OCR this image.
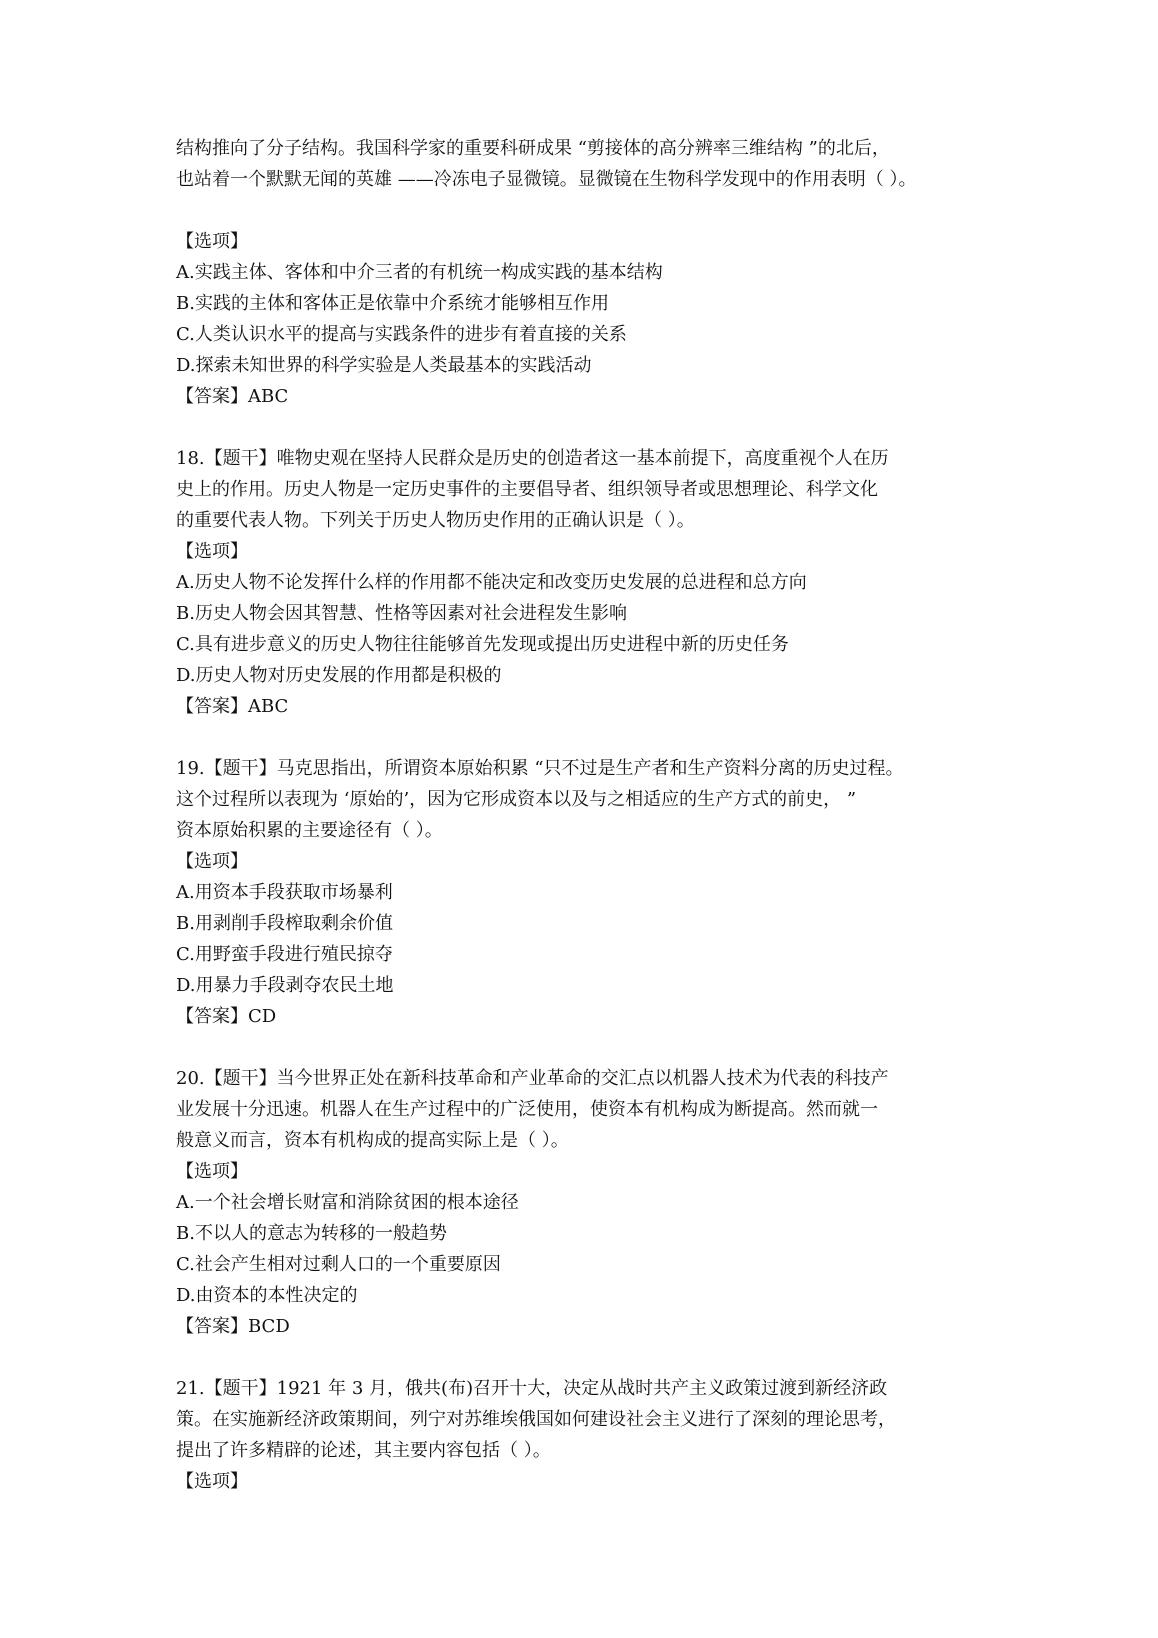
结构推向了分子结构。我国科学家的重要科研成果 “剪接体的高分辨率三维结构 ”的北后，
也站着一个默默无闻的英雄 ——冷冻电子显微镜。显微镜在生物科学发现中的作用表明（ ）。
【选项】
A.实践主体、客体和中介三者的有机统一构成实践的基本结构
B.实践的主体和客体正是依靠中介系统才能够相互作用
C.人类认识水平的提高与实践条件的进步有着直接的关系
D.探索未知世界的科学实验是人类最基本的实践活动
【答案】ABC
18.【题干】唯物史观在坚持人民群众是历史的创造者这一基本前提下，高度重视个人在历
史上的作用。历史人物是一定历史事件的主要倡导者、组织领导者或思想理论、科学文化
的重要代表人物。下列关于历史人物历史作用的正确认识是（ ）。
【选项】
A.历史人物不论发挥什么样的作用都不能决定和改变历史发展的总进程和总方向
B.历史人物会因其智慧、性格等因素对社会进程发生影响
C.具有进步意义的历史人物往往能够首先发现或提出历史进程中新的历史任务
D.历史人物对历史发展的作用都是积极的
【答案】ABC
19.【题干】马克思指出，所谓资本原始积累 “只不过是生产者和生产资料分离的历史过程。
这个过程所以表现为 ‘原始的’，因为它形成资本以及与之相适应的生产方式的前史， ”
资本原始积累的主要途径有（ ）。
【选项】
A.用资本手段获取市场暴利
B.用剥削手段榨取剩余价值
C.用野蛮手段进行殖民掠夺
D.用暴力手段剥夺农民土地
【答案】CD
20.【题干】当今世界正处在新科技革命和产业革命的交汇点以机器人技术为代表的科技产
业发展十分迅速。机器人在生产过程中的广泛使用，使资本有机构成为断提高。然而就一
般意义而言，资本有机构成的提高实际上是（ ）。
【选项】
A.一个社会增长财富和消除贫困的根本途径
B.不以人的意志为转移的一般趋势
C.社会产生相对过剩人口的一个重要原因
D.由资本的本性决定的
【答案】BCD
21.【题干】1921 年 3 月，俄共(布)召开十大，决定从战时共产主义政策过渡到新经济政
策。在实施新经济政策期间，列宁对苏维埃俄国如何建设社会主义进行了深刻的理论思考，
提出了许多精辟的论述，其主要内容包括（ ）。
【选项】
